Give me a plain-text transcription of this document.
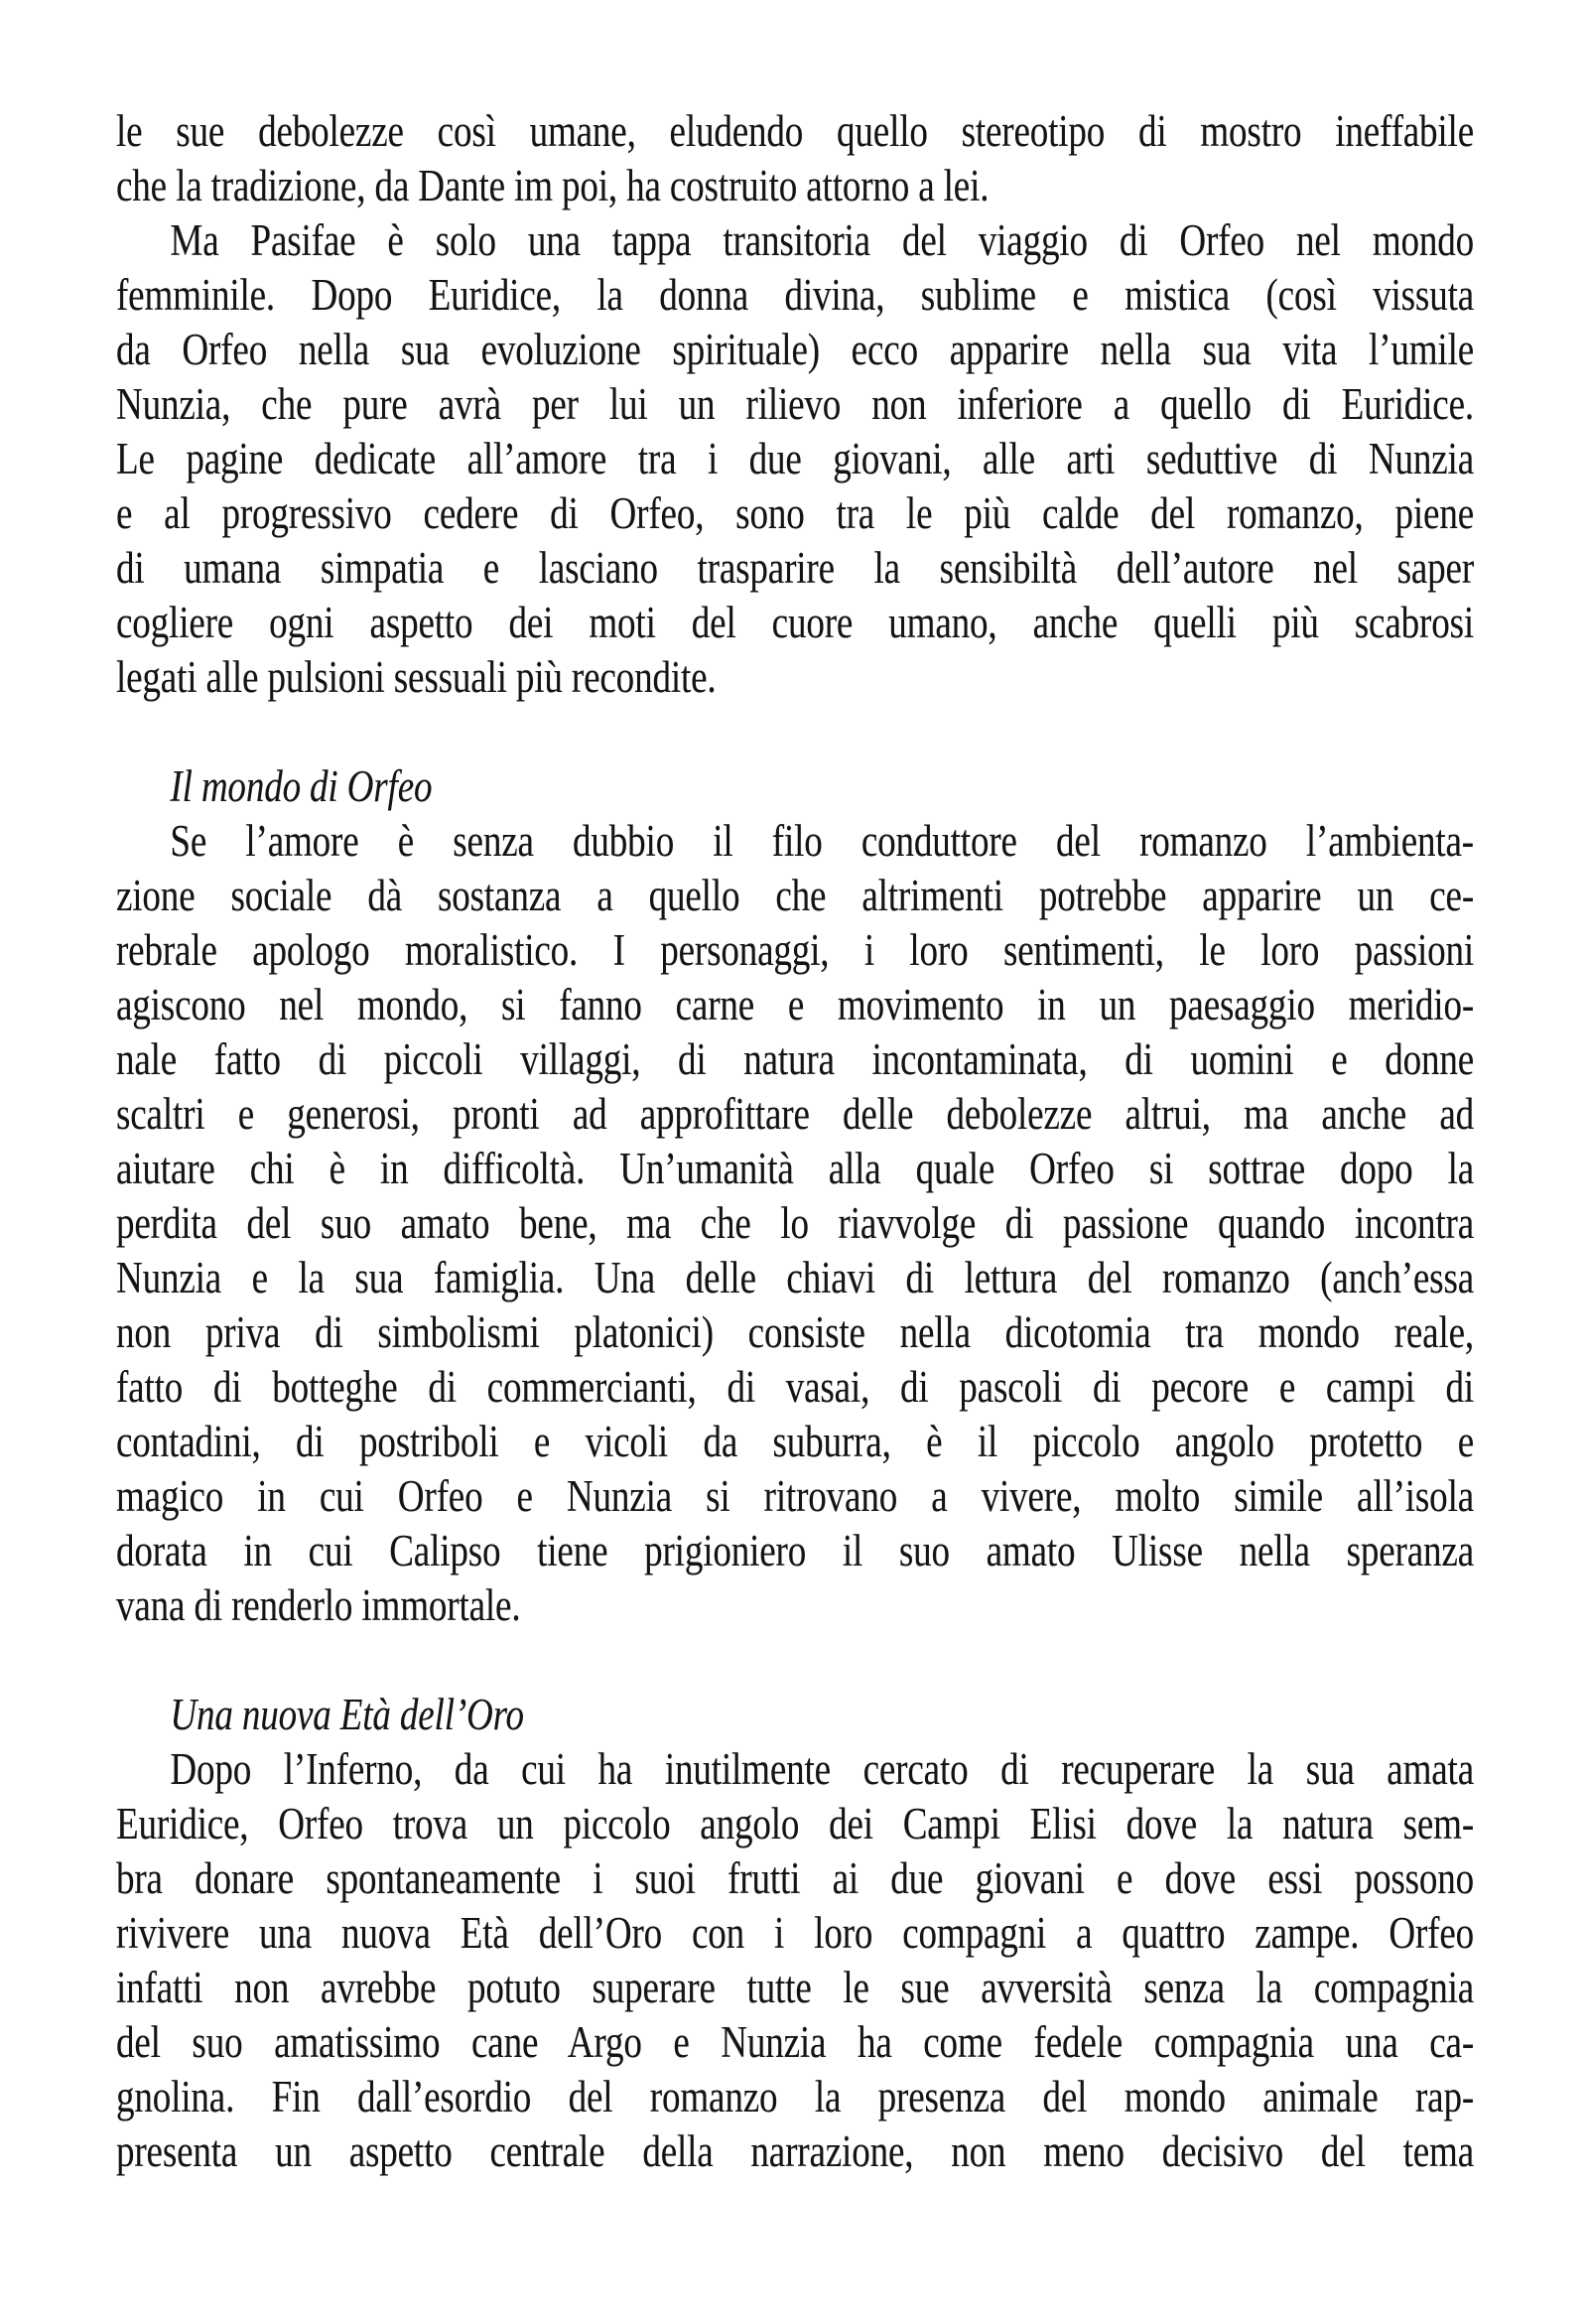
le sue debolezze così umane, eludendo quello stereotipo di mostro ineffabile
che la tradizione, da Dante im poi, ha costruito attorno a lei.
Ma Pasifae è solo una tappa transitoria del viaggio di Orfeo nel mondo
femminile. Dopo Euridice, la donna divina, sublime e mistica (così vissuta
da Orfeo nella sua evoluzione spirituale) ecco apparire nella sua vita l’umile
Nunzia, che pure avrà per lui un rilievo non inferiore a quello di Euridice.
Le pagine dedicate all’amore tra i due giovani, alle arti seduttive di Nunzia
e al progressivo cedere di Orfeo, sono tra le più calde del romanzo, piene
di umana simpatia e lasciano trasparire la sensibiltà dell’autore nel saper
cogliere ogni aspetto dei moti del cuore umano, anche quelli più scabrosi
legati alle pulsioni sessuali più recondite.
Il mondo di Orfeo
Se l’amore è senza dubbio il filo conduttore del romanzo l’ambienta-
zione sociale dà sostanza a quello che altrimenti potrebbe apparire un ce-
rebrale apologo moralistico. I personaggi, i loro sentimenti, le loro passioni
agiscono nel mondo, si fanno carne e movimento in un paesaggio meridio-
nale fatto di piccoli villaggi, di natura incontaminata, di uomini e donne
scaltri e generosi, pronti ad approfittare delle debolezze altrui, ma anche ad
aiutare chi è in difficoltà. Un’umanità alla quale Orfeo si sottrae dopo la
perdita del suo amato bene, ma che lo riavvolge di passione quando incontra
Nunzia e la sua famiglia. Una delle chiavi di lettura del romanzo (anch’essa
non priva di simbolismi platonici) consiste nella dicotomia tra mondo reale,
fatto di botteghe di commercianti, di vasai, di pascoli di pecore e campi di
contadini, di postriboli e vicoli da suburra, è il piccolo angolo protetto e
magico in cui Orfeo e Nunzia si ritrovano a vivere, molto simile all’isola
dorata in cui Calipso tiene prigioniero il suo amato Ulisse nella speranza
vana di renderlo immortale.
Una nuova Età dell’Oro
Dopo l’Inferno, da cui ha inutilmente cercato di recuperare la sua amata
Euridice, Orfeo trova un piccolo angolo dei Campi Elisi dove la natura sem-
bra donare spontaneamente i suoi frutti ai due giovani e dove essi possono
rivivere una nuova Età dell’Oro con i loro compagni a quattro zampe. Orfeo
infatti non avrebbe potuto superare tutte le sue avversità senza la compagnia
del suo amatissimo cane Argo e Nunzia ha come fedele compagnia una ca-
gnolina. Fin dall’esordio del romanzo la presenza del mondo animale rap-
presenta un aspetto centrale della narrazione, non meno decisivo del tema
